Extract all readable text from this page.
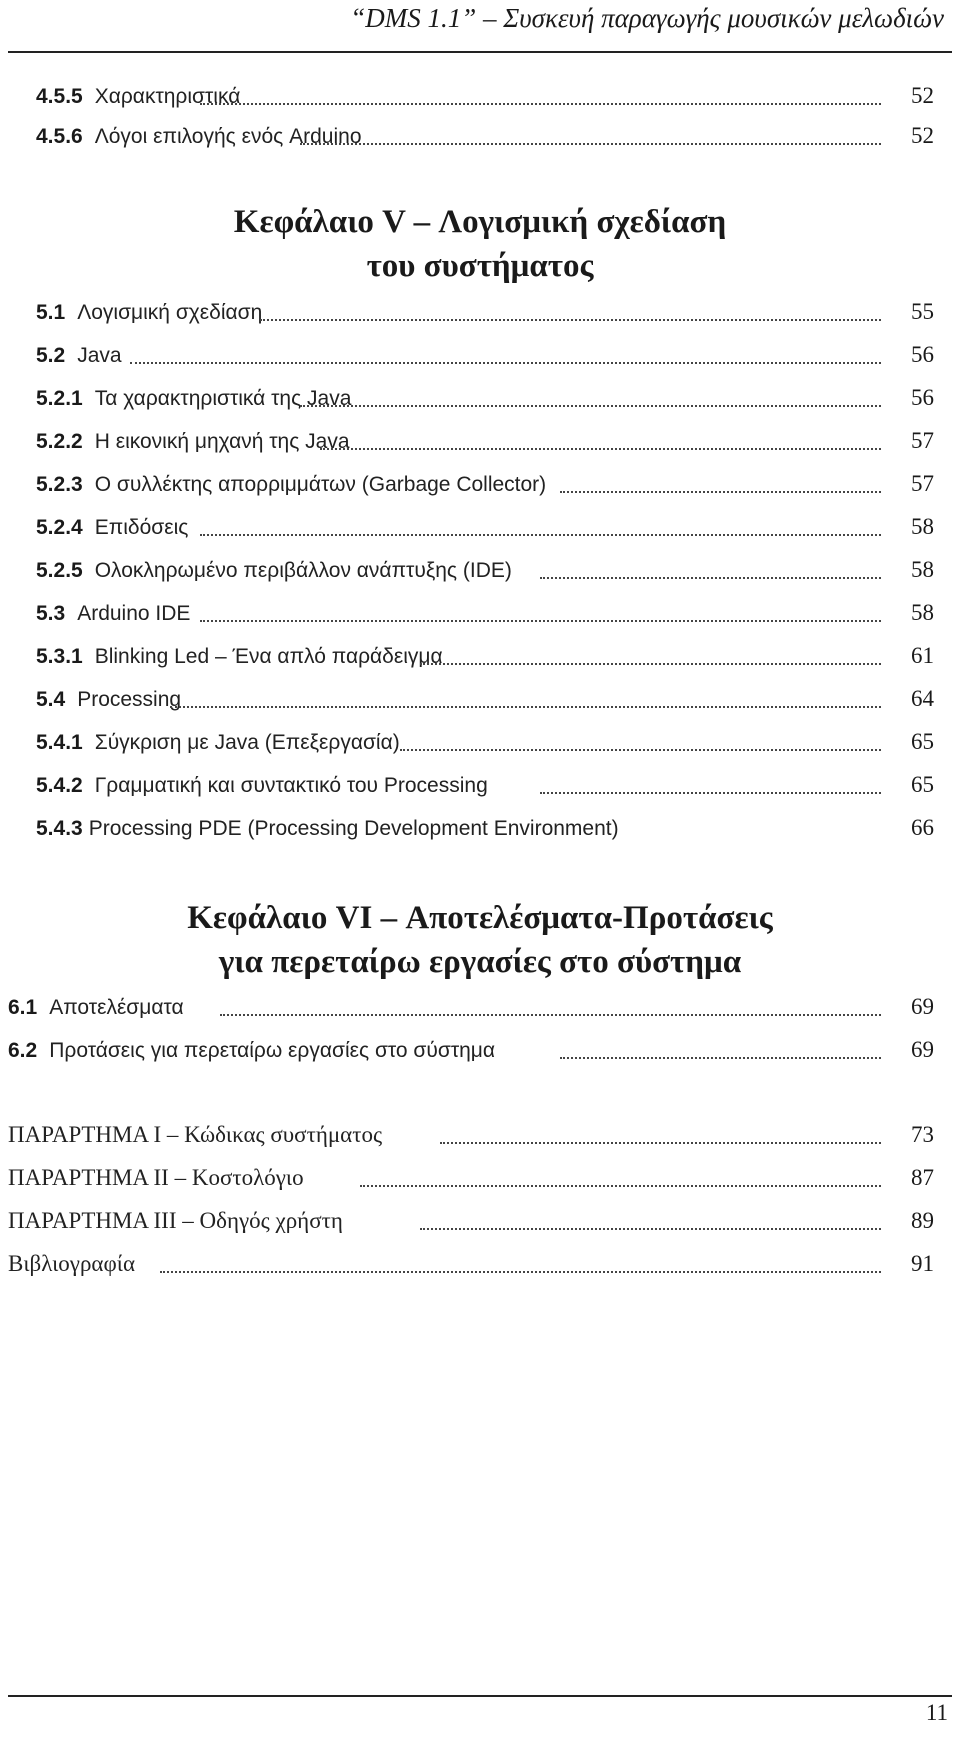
“DMS 1.1” – Συσκευή παραγωγής μουσικών μελωδιών
4.5.5 Χαρακτηριστικά	52
4.5.6 Λόγοι επιλογής ενός Arduino	52
Κεφάλαιο V – Λογισμική σχεδίαση
του συστήματος
5.1 Λογισμική σχεδίαση	55
5.2 Java	56
5.2.1 Τα χαρακτηριστικά της Java	56
5.2.2 Η εικονική μηχανή της Java	57
5.2.3 Ο συλλέκτης απορριμμάτων (Garbage Collector)	57
5.2.4 Επιδόσεις	58
5.2.5 Ολοκληρωμένο περιβάλλον ανάπτυξης (IDE)	58
5.3 Arduino IDE	58
5.3.1 Blinking Led – Ένα απλό παράδειγμα	61
5.4 Processing	64
5.4.1 Σύγκριση με Java (Επεξεργασία)	65
5.4.2 Γραμματική και συντακτικό του Processing	65
5.4.3 Processing PDE (Processing Development Environment)	66
Κεφάλαιο VI – Αποτελέσματα-Προτάσεις
για περεταίρω εργασίες στο σύστημα
6.1 Αποτελέσματα	69
6.2 Προτάσεις για περεταίρω εργασίες στο σύστημα	69
ΠΑΡΑΡΤΗΜΑ Ι – Κώδικας συστήματος	73
ΠΑΡΑΡΤΗΜΑ ΙΙ – Κοστολόγιο	87
ΠΑΡΑΡΤΗΜΑ ΙΙΙ – Οδηγός χρήστη	89
Βιβλιογραφία	91
11
